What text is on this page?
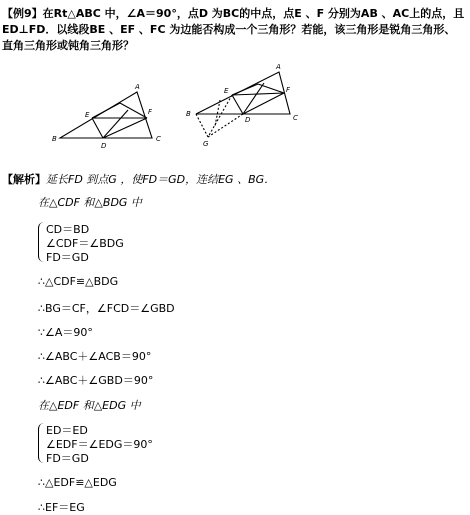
【例9】在Rt△ABC 中，∠A＝90°，点D 为BC的中点，点E 、F 分别为AB 、AC上的点，且ED⊥FD．以线段BE 、EF 、FC 为边能否构成一个三角形？若能，该三角形是锐角三角形、直角三角形或钝角三角形？
A
E	F
B
D
C
A
E	F
B
D	C
G
【解析】延长FD 到点G ，使FD＝GD，连结EG 、BG．
在△CDF 和△BDG 中
CD＝BD
∠CDF＝∠BDG
FD＝GD
∴△CDF≌△BDG
∴BG＝CF，∠FCD＝∠GBD
∵∠A＝90°
∴∠ABC＋∠ACB＝90°
∴∠ABC＋∠GBD＝90°
在△EDF 和△EDG 中
ED＝ED
∠EDF＝∠EDG＝90°
FD＝GD
∴△EDF≌△EDG
∴EF＝EG
